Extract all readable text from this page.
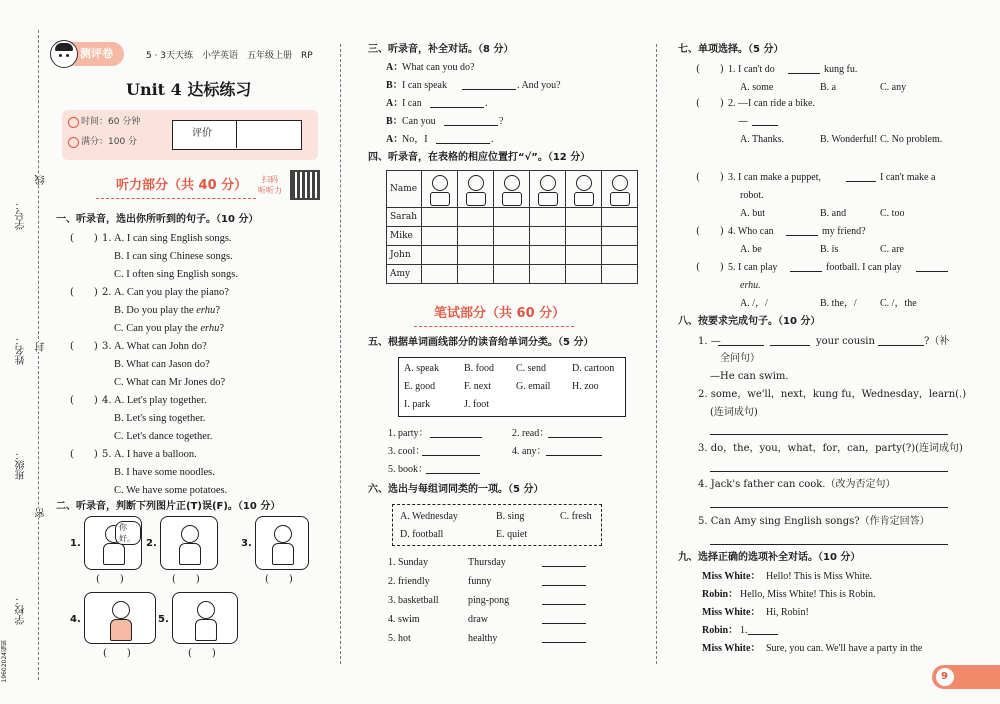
学号：
线
姓名： 封
班级：
密
学校：
19602024编辑
测评卷	5 · 3天天练　小学英语　五年级上册　RP
Unit 4 达标练习
时间：60 分钟
满分：100 分
评价
听力部分（共 40 分） 扫码
听听力
一、听录音，选出你所听到的句子。（10 分）
(　　) 1. A. I can sing English songs.
B. I can sing Chinese songs.
C. I often sing English songs.
(　　) 2. A. Can you play the piano?
B. Do you play the erhu?
C. Can you play the erhu?
(　　) 3. A. What can John do?
B. What can Jason do?
C. What can Mr Jones do?
(　　) 4. A. Let's play together.
B. Let's sing together.
C. Let's dance together.
(　　) 5. A. I have a balloon.
B. I have some noodles.
C. We have some potatoes.
二、听录音，判断下列图片正(T)误(F)。（10 分）
1.
你好。
(　　)
2.
(　　)
3.
(　　)
4.
(　　)
5.
(　　)
三、听录音，补全对话。（8 分）
A：
What can you do?
B： I can speak	. And you?
A：
I can	.
B： Can you	?
A：
No，I	.
四、听录音，在表格的相应位置打“√”。（12 分）
Name	

Sarah						
Mike						
John						
Amy						
笔试部分（共 60 分）
五、根据单词画线部分的读音给单词分类。（5 分）
A. speak	B. food C. send	D. cartoon
E. good	F. next	G. email H. zoo
I. park	J. foot
1. party：	2. read：
3. cool：	4. any：
5. book：
六、选出与每组词同类的一项。（5 分）
A. Wednesday	B. sing	C. fresh
D. football	E. quiet
1. Sunday	Thursday
2. friendly	funny
3. basketball	ping-pong
4. swim	draw
5. hot	healthy
七、单项选择。（5 分）
(　　) 1. I can't do	kung fu.
A. some	B. a	C. any
(　　) 2. —I can ride a bike.
—
A. Thanks.	B. Wonderful! C. No problem.
(　　) 3. I can make a puppet,	I can't make a
robot.
A. but	B. and	C. too
(　　) 4. Who can	my friend?
A. be	B. is	C. are
(　　) 5. I can play	football. I can play
erhu.
A. /，/	B. the，/ C. /，the
八、按要求完成句子。（10 分）
1. —	your cousin	?（补
全问句）
—He can swim.
2. some，we'll，next，kung fu，Wednesday，learn(.)
(连词成句)
3. do，the，you，what，for，can，party(?)(连词成句)
4. Jack's father can cook.（改为否定句）
5. Can Amy sing English songs?（作肯定回答）
九、选择正确的选项补全对话。（10 分）
Miss White： Hello! This is Miss White.
Robin： Hello, Miss White! This is Robin.
Miss White： Hi, Robin!
Robin： 1.
Miss White： Sure, you can. We'll have a party in the
9
